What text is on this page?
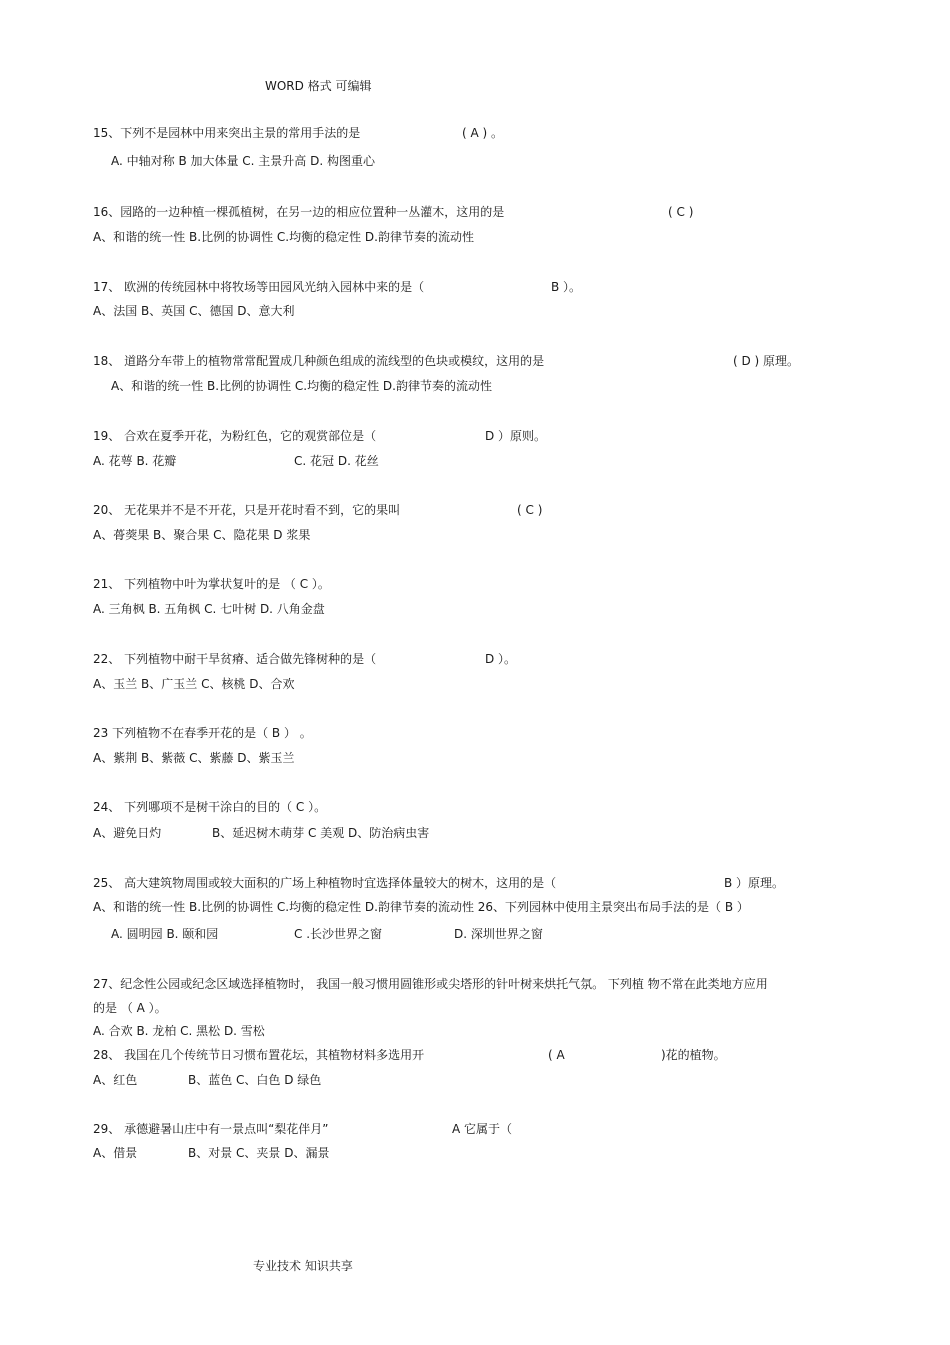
WORD 格式 可编辑
15、下列不是园林中用来突出主景的常用手法的是	( A ) 。
A. 中轴对称 B 加大体量 C. 主景升高 D. 构图重心
16、园路的一边种植一棵孤植树，在另一边的相应位置种一丛灌木，这用的是	( C )
A、和谐的统一性 B.比例的协调性 C.均衡的稳定性 D.韵律节奏的流动性
17、 欧洲的传统园林中将牧场等田园风光纳入园林中来的是（	B ）。
A、法国 B、英国 C、德国 D、意大利
18、 道路分车带上的植物常常配置成几种颜色组成的流线型的色块或模纹，这用的是	( D ) 原理。
A、和谐的统一性 B.比例的协调性 C.均衡的稳定性 D.韵律节奏的流动性
19、 合欢在夏季开花，为粉红色，它的观赏部位是（	D ）原则。
A. 花萼 B. 花瓣	C. 花冠 D. 花丝
20、 无花果并不是不开花，只是开花时看不到，它的果叫	( C )
A、蓇葖果 B、聚合果 C、隐花果 D 浆果
21、 下列植物中叶为掌状复叶的是 （ C ）。
A. 三角枫 B. 五角枫 C. 七叶树 D. 八角金盘
22、 下列植物中耐干旱贫瘠、适合做先锋树种的是（	D ）。
A、玉兰 B、广玉兰 C、核桃 D、合欢
23 下列植物不在春季开花的是（ B ） 。
A、紫荆 B、紫薇 C、紫藤 D、紫玉兰
24、 下列哪项不是树干涂白的目的（ C ）。
A、避免日灼	B、延迟树木萌芽 C 美观 D、防治病虫害
25、 高大建筑物周围或较大面积的广场上种植物时宜选择体量较大的树木，这用的是（	B ）原理。
A、和谐的统一性 B.比例的协调性 C.均衡的稳定性 D.韵律节奏的流动性 26、下列园林中使用主景突出布局手法的是（ B ）
A. 圆明园 B. 颐和园	C .长沙世界之窗	D. 深圳世界之窗
27、纪念性公园或纪念区域选择植物时， 我国一般习惯用圆锥形或尖塔形的针叶树来烘托气氛。 下列植 物不常在此类地方应用
的是 （ A ）。
A. 合欢 B. 龙柏 C. 黑松 D. 雪松
28、 我国在几个传统节日习惯布置花坛，其植物材料多选用开	( A	)花的植物。
A、红色	B、蓝色 C、白色 D 绿色
29、 承德避暑山庄中有一景点叫“梨花伴月”	A 它属于（
A、借景	B、对景 C、夹景 D、漏景
专业技术 知识共享
